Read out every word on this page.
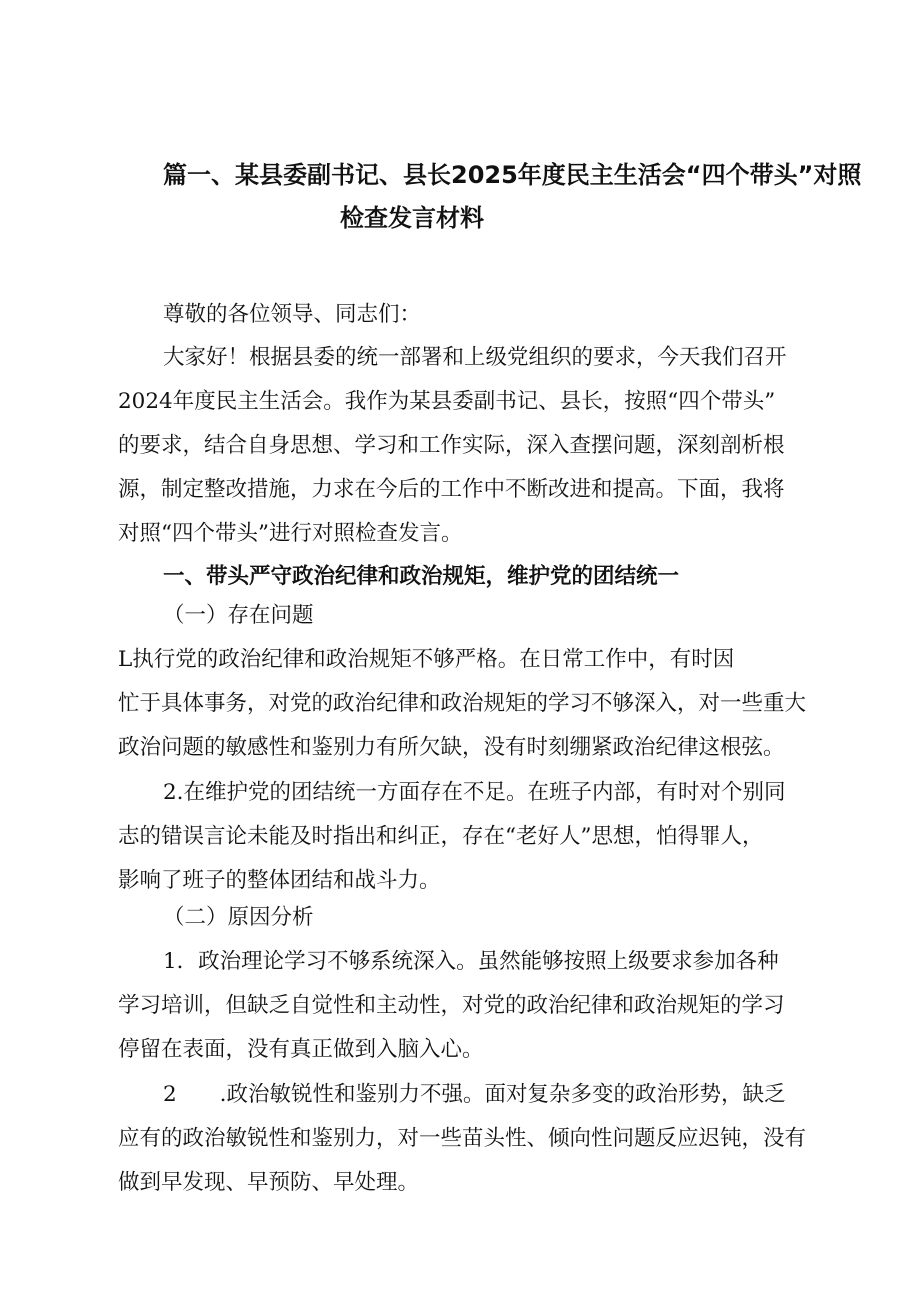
篇一、某县委副书记、县长2025年度民主生活会“四个带头”对照
检查发言材料
尊敬的各位领导、同志们：
大家好！根据县委的统一部署和上级党组织的要求，今天我们召开
2024年度民主生活会。我作为某县委副书记、县长，按照“四个带头”
的要求，结合自身思想、学习和工作实际，深入查摆问题，深刻剖析根
源，制定整改措施，力求在今后的工作中不断改进和提高。下面，我将
对照“四个带头”进行对照检查发言。
一、带头严守政治纪律和政治规矩，维护党的团结统一
（一）存在问题
L执行党的政治纪律和政治规矩不够严格。在日常工作中，有时因
忙于具体事务，对党的政治纪律和政治规矩的学习不够深入，对一些重大
政治问题的敏感性和鉴别力有所欠缺，没有时刻绷紧政治纪律这根弦。
2.在维护党的团结统一方面存在不足。在班子内部，有时对个别同
志的错误言论未能及时指出和纠正，存在“老好人”思想，怕得罪人，
影响了班子的整体团结和战斗力。
（二）原因分析
1．政治理论学习不够系统深入。虽然能够按照上级要求参加各种
学习培训，但缺乏自觉性和主动性，对党的政治纪律和政治规矩的学习
停留在表面，没有真正做到入脑入心。
2　　.政治敏锐性和鉴别力不强。面对复杂多变的政治形势，缺乏
应有的政治敏锐性和鉴别力，对一些苗头性、倾向性问题反应迟钝，没有
做到早发现、早预防、早处理。
